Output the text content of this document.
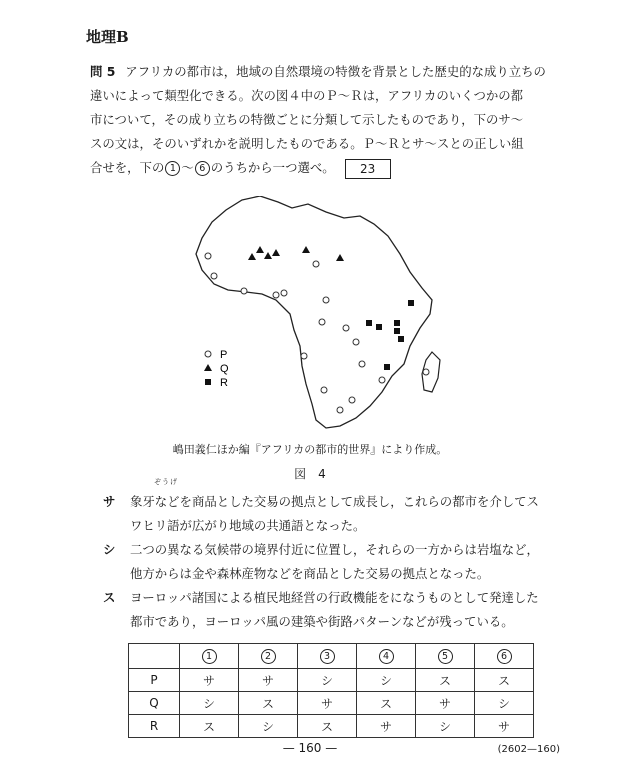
地理B
問 5 アフリカの都市は，地域の自然環境の特徴を背景とした歴史的な成り立ちの
違いによって類型化できる。次の図４中のＰ～Ｒは，アフリカのいくつかの都
市について，その成り立ちの特徴ごとに分類して示したものであり，下のサ～
スの文は，そのいずれかを説明したものである。Ｐ～Ｒとサ～スとの正しい組
合せを，下の 1 ～ 6 のうちから一つ選べ。 23
P
Q
R
嶋田義仁ほか編『アフリカの都市的世界』により作成。
図　4
ぞうげ
サ 象牙などを商品とした交易の拠点として成長し，これらの都市を介してス
ワヒリ語が広がり地域の共通語となった。
シ 二つの異なる気候帯の境界付近に位置し，それらの一方からは岩塩など，
他方からは金や森林産物などを商品とした交易の拠点となった。
ス ヨーロッパ諸国による植民地経営の行政機能をになうものとして発達した
都市であり，ヨーロッパ風の建築や街路パターンなどが残っている。
	1	2	3	4	5	6
P	サ	サ	シ	シ	ス	ス
Q	シ	ス	サ	ス	サ	シ
R	ス	シ	ス	サ	シ	サ
— 160 —	(2602—160)
